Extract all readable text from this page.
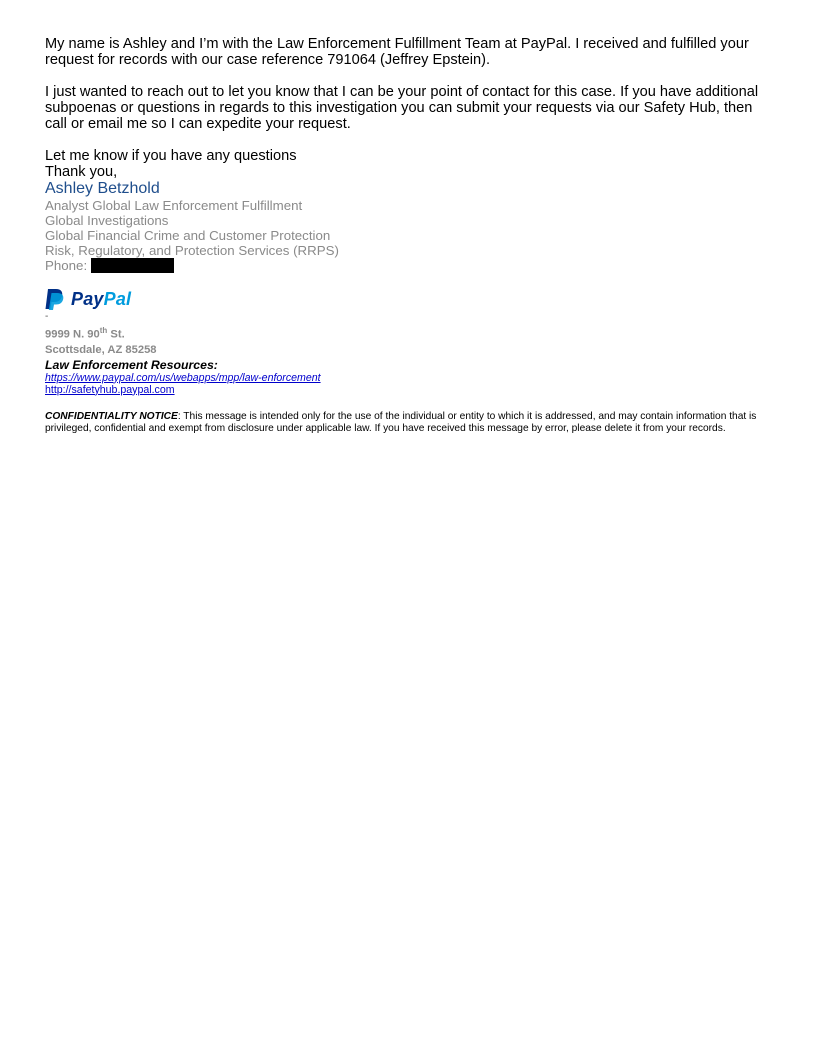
My name is Ashley and I’m with the Law Enforcement Fulfillment Team at PayPal. I received and fulfilled your request for records with our case reference 791064 (Jeffrey Epstein).

I just wanted to reach out to let you know that I can be your point of contact for this case. If you have additional subpoenas or questions in regards to this investigation you can submit your requests via our Safety Hub, then call or email me so I can expedite your request.

Let me know if you have any questions
Thank you,
Ashley Betzhold
Analyst Global Law Enforcement Fulfillment
Global Investigations
Global Financial Crime and Customer Protection
Risk, Regulatory, and Protection Services (RRPS)
Phone:
PayPal
-
9999 N. 90th St.
Scottsdale, AZ 85258
Law Enforcement Resources:
https://www.paypal.com/us/webapps/mpp/law-enforcement
http://safetyhub.paypal.com

CONFIDENTIALITY NOTICE: This message is intended only for the use of the individual or entity to which it is addressed, and may contain information that is privileged, confidential and exempt from disclosure under applicable law. If you have received this message by error, please delete it from your records.
